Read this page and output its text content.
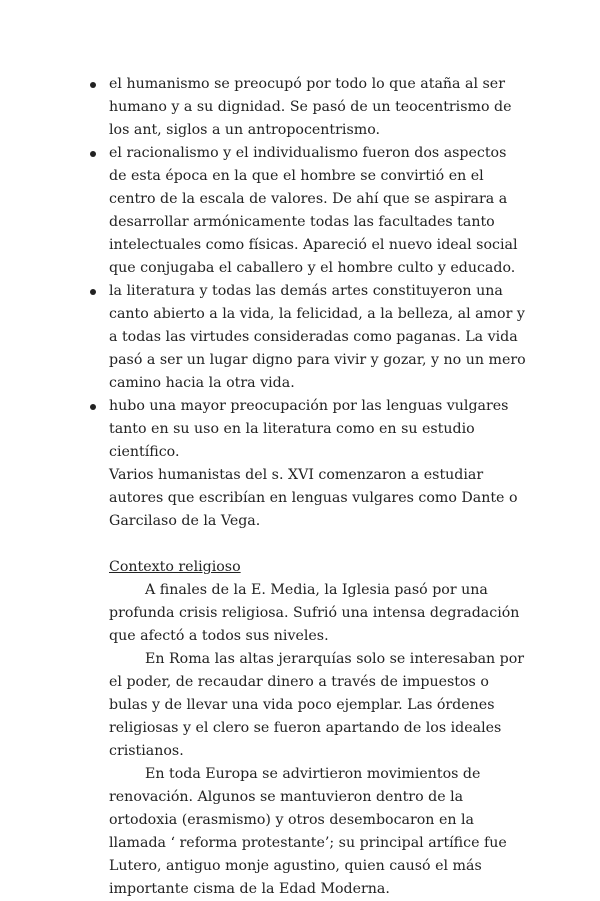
el humanismo se preocupó por todo lo que ataña al ser humano y a su dignidad. Se pasó de un teocentrismo de los ant, siglos a un antropocentrismo.
el racionalismo y el individualismo fueron dos aspectos de esta época en la que el hombre se convirtió en el centro de la escala de valores. De ahí que se aspirara a desarrollar armónicamente todas las facultades tanto intelectuales como físicas. Apareció el nuevo ideal social que conjugaba el caballero y el hombre culto y educado.
la literatura y todas las demás artes constituyeron una canto abierto a la vida, la felicidad, a la belleza, al amor y a todas las virtudes consideradas como paganas. La vida pasó a ser un lugar digno para vivir y gozar, y no un mero camino hacia la otra vida.
hubo una mayor preocupación por las lenguas vulgares tanto en su uso en la literatura como en su estudio científico.

Varios humanistas del s. XVI comenzaron a estudiar autores que escribían en lenguas vulgares como Dante o Garcilaso de la Vega.

Contexto religioso

A finales de la E. Media, la Iglesia pasó por una profunda crisis religiosa. Sufrió una intensa degradación que afectó a todos sus niveles.

En Roma las altas jerarquías solo se interesaban por el poder, de recaudar dinero a través de impuestos o bulas y de llevar una vida poco ejemplar. Las órdenes religiosas y el clero se fueron apartando de los ideales cristianos.

En toda Europa se advirtieron movimientos de renovación. Algunos se mantuvieron dentro de la ortodoxia (erasmismo) y otros desembocaron en la llamada ‘ reforma protestante’; su principal artífice fue Lutero, antiguo monje agustino, quien causó el más importante cisma de la Edad Moderna.
